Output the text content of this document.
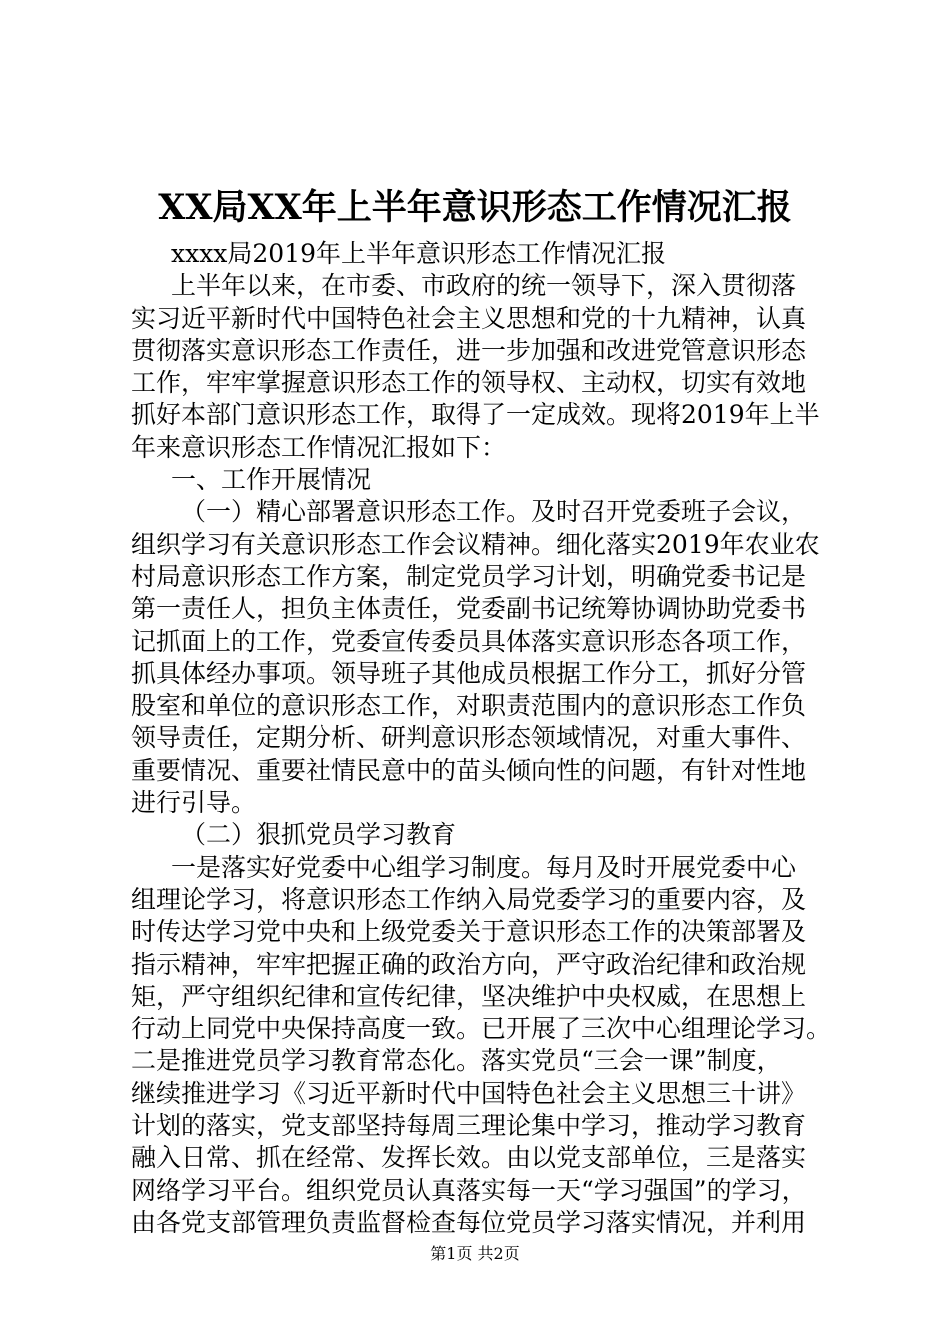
XX局XX年上半年意识形态工作情况汇报
xxxx局2019年上半年意识形态工作情况汇报
上半年以来，在市委、市政府的统一领导下，深入贯彻落
实习近平新时代中国特色社会主义思想和党的十九精神，认真
贯彻落实意识形态工作责任，进一步加强和改进党管意识形态
工作，牢牢掌握意识形态工作的领导权、主动权，切实有效地
抓好本部门意识形态工作，取得了一定成效。现将2019年上半
年来意识形态工作情况汇报如下：
一、工作开展情况
（一）精心部署意识形态工作。及时召开党委班子会议，
组织学习有关意识形态工作会议精神。细化落实2019年农业农
村局意识形态工作方案，制定党员学习计划，明确党委书记是
第一责任人，担负主体责任，党委副书记统筹协调协助党委书
记抓面上的工作，党委宣传委员具体落实意识形态各项工作，
抓具体经办事项。领导班子其他成员根据工作分工，抓好分管
股室和单位的意识形态工作，对职责范围内的意识形态工作负
领导责任，定期分析、研判意识形态领域情况，对重大事件、
重要情况、重要社情民意中的苗头倾向性的问题，有针对性地
进行引导。
（二）狠抓党员学习教育
一是落实好党委中心组学习制度。每月及时开展党委中心
组理论学习，将意识形态工作纳入局党委学习的重要内容，及
时传达学习党中央和上级党委关于意识形态工作的决策部署及
指示精神，牢牢把握正确的政治方向，严守政治纪律和政治规
矩，严守组织纪律和宣传纪律，坚决维护中央权威，在思想上
行动上同党中央保持高度一致。已开展了三次中心组理论学习。
二是推进党员学习教育常态化。落实党员“三会一课”制度，
继续推进学习《习近平新时代中国特色社会主义思想三十讲》
计划的落实，党支部坚持每周三理论集中学习，推动学习教育
融入日常、抓在经常、发挥长效。由以党支部单位，三是落实
网络学习平台。组织党员认真落实每一天“学习强国”的学习，
由各党支部管理负责监督检查每位党员学习落实情况，并利用
第1页 共2页
